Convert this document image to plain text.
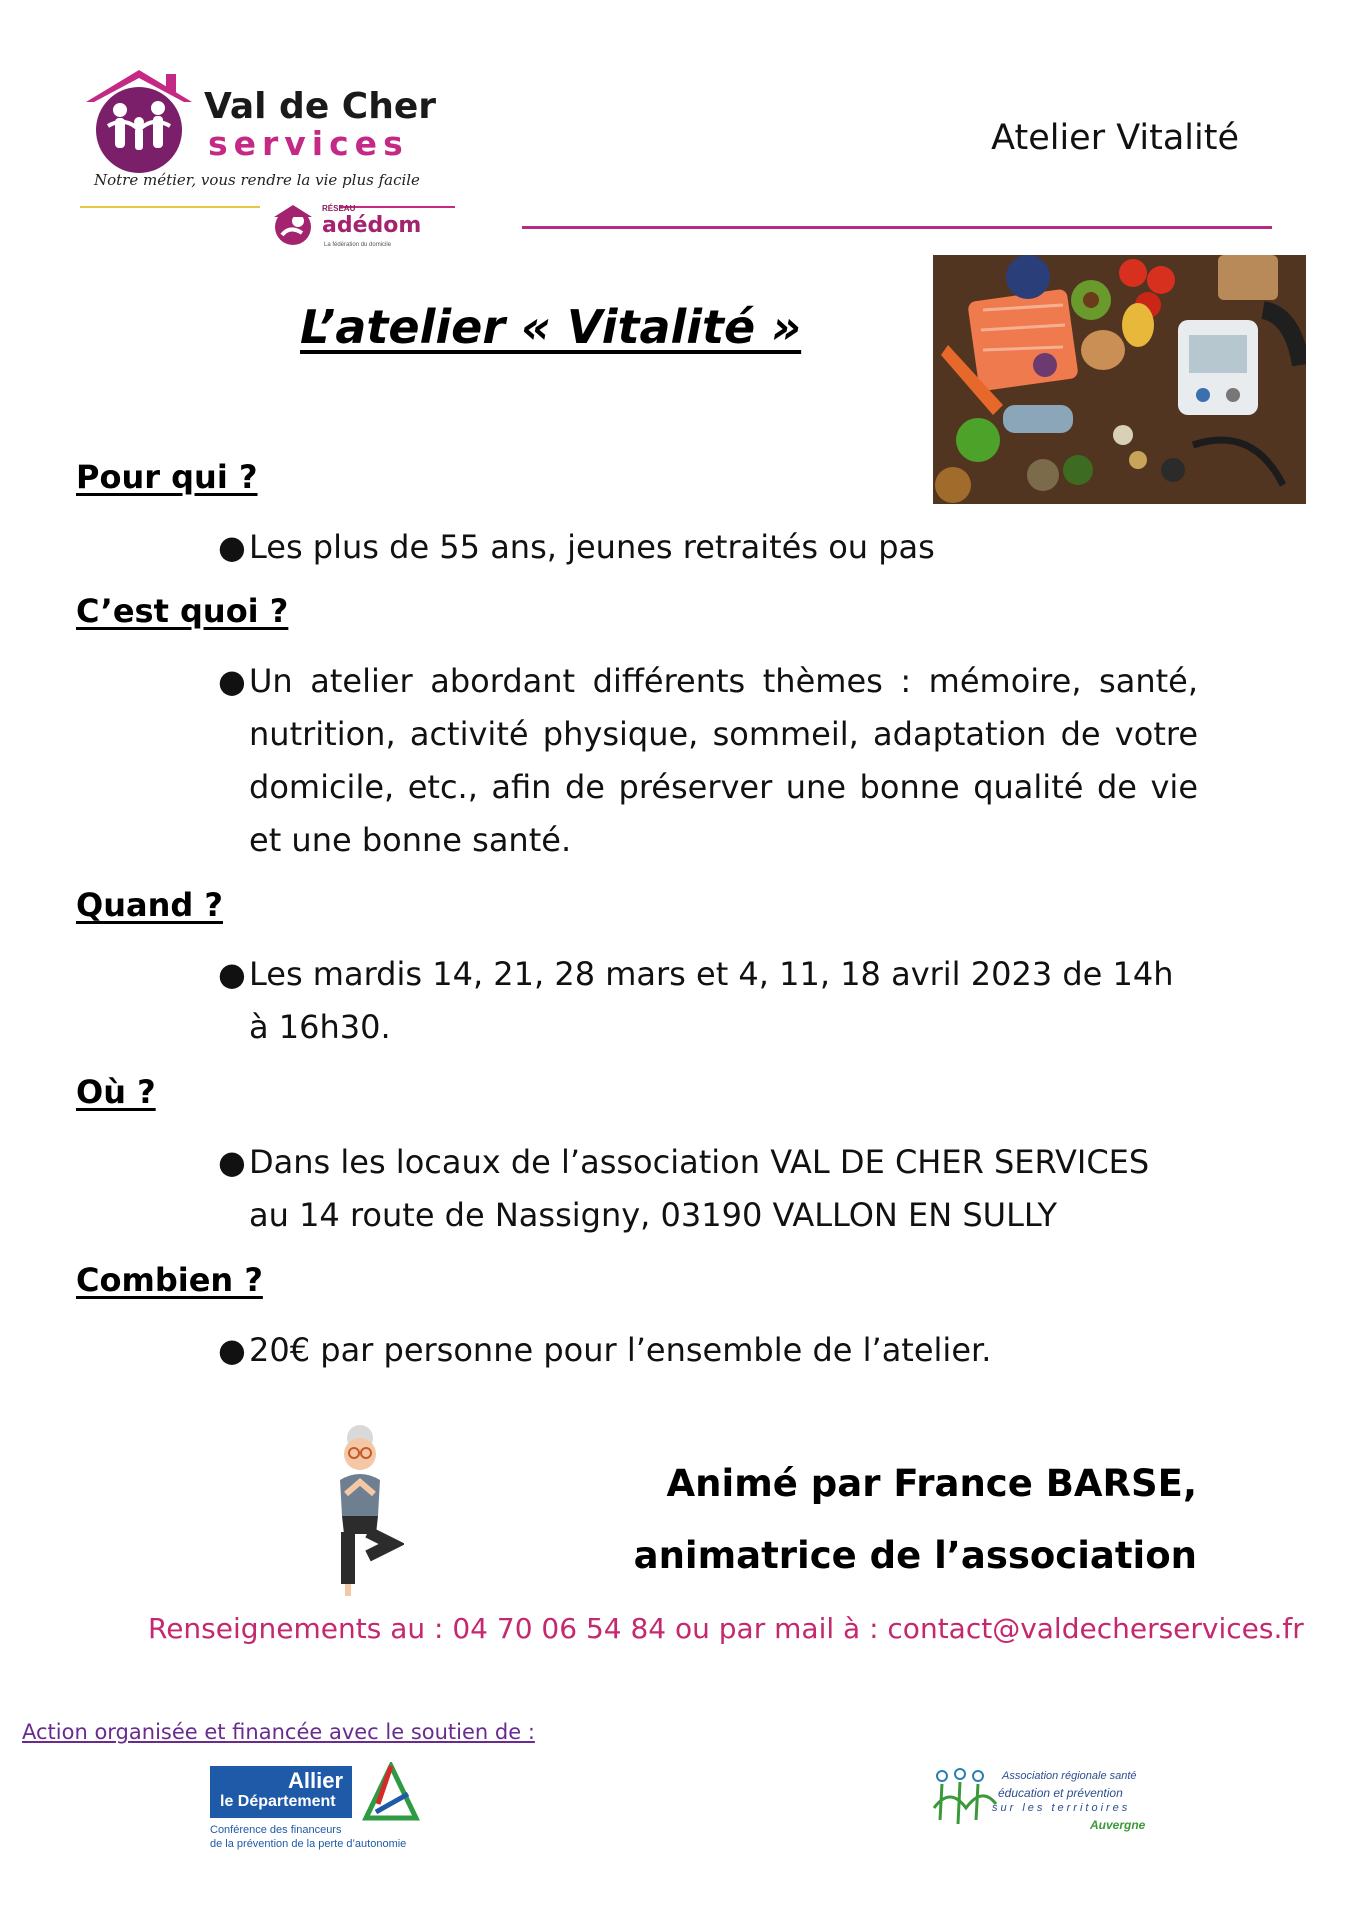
Val de Cher
services
Notre métier, vous rendre la vie plus facile
RÉSEAU
adédom
La fédération du domicile
Atelier Vitalité
L’atelier « Vitalité »
Pour qui ?
● Les plus de 55 ans, jeunes retraités ou pas
C’est quoi ?
● Un atelier abordant différents thèmes : mémoire, santé, nutrition, activité physique, sommeil, adaptation de votre domicile, etc., afin de préserver une bonne qualité de vie et une bonne santé.
Quand ?
● Les mardis 14, 21, 28 mars et 4, 11, 18 avril 2023 de 14h à 16h30.
Où ?
● Dans les locaux de l’association VAL DE CHER SERVICES au 14 route de Nassigny, 03190 VALLON EN SULLY
Combien ?
● 20€ par personne pour l’ensemble de l’atelier.
Animé par France BARSE,
animatrice de l’association
Renseignements au : 04 70 06 54 84 ou par mail à : contact@valdecherservices.fr
Action organisée et financée avec le soutien de :
Allier
le Département
Conférence des financeurs
de la prévention de la perte d’autonomie
Association régionale santé
éducation et prévention
sur les territoires
Auvergne
